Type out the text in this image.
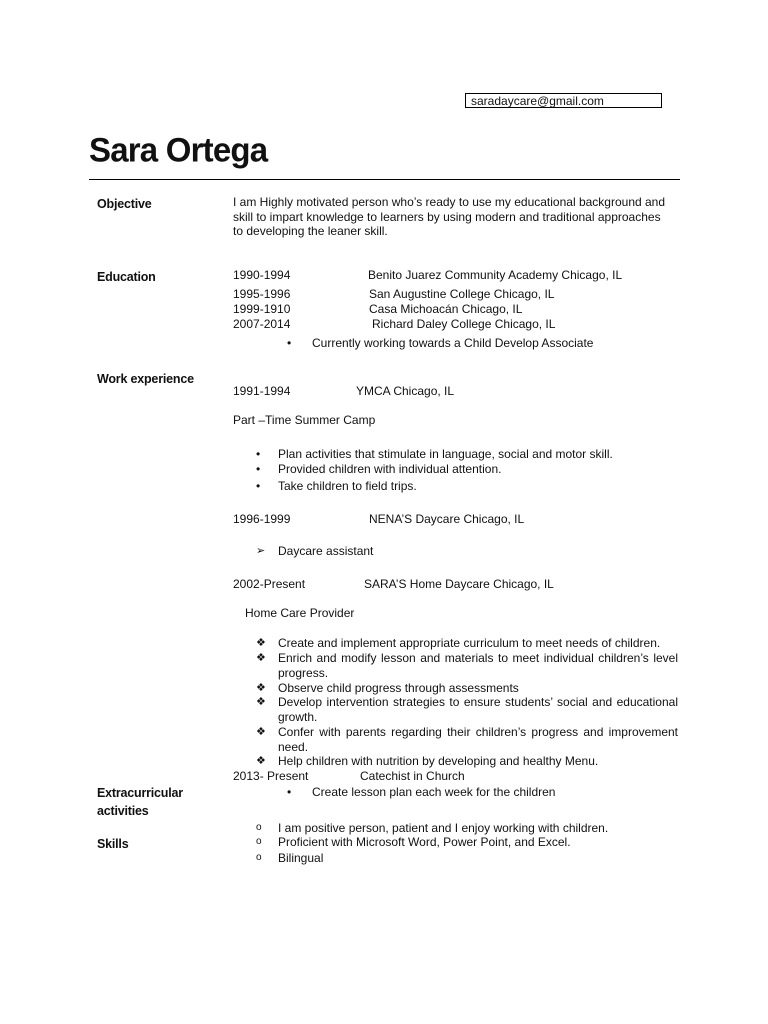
saradaycare@gmail.com
Sara Ortega
Objective	I am Highly motivated person who’s ready to use my educational background and skill to impart knowledge to learners by using modern and traditional approaches to developing the leaner skill.
Education	1990-1994	Benito Juarez Community Academy Chicago, IL
1995-1996	San Augustine College Chicago, IL
1999-1910	Casa Michoacán Chicago, IL
2007-2014	Richard Daley College Chicago, IL
• Currently working towards a Child Develop Associate
Work experience
1991-1994	YMCA Chicago, IL
Part –Time Summer Camp
• Plan activities that stimulate in language, social and motor skill.
• Provided children with individual attention.
• Take children to field trips.
1996-1999	NENA’S Daycare Chicago, IL
➢ Daycare assistant
2002-Present	SARA’S Home Daycare Chicago, IL
Home Care Provider
❖ Create and implement appropriate curriculum to meet needs of children.
❖ Enrich and modify lesson and materials to meet individual children’s level progress.
❖ Observe child progress through assessments
❖ Develop intervention strategies to ensure students’ social and educational growth.
❖ Confer with parents regarding their children’s progress and improvement need.
❖ Help children with nutrition by developing and healthy Menu.
2013- Present	Catechist in Church
Extracurricular
activities
• Create lesson plan each week for the children
Skills
o I am positive person, patient and I enjoy working with children.
o Proficient with Microsoft Word, Power Point, and Excel.
o Bilingual
